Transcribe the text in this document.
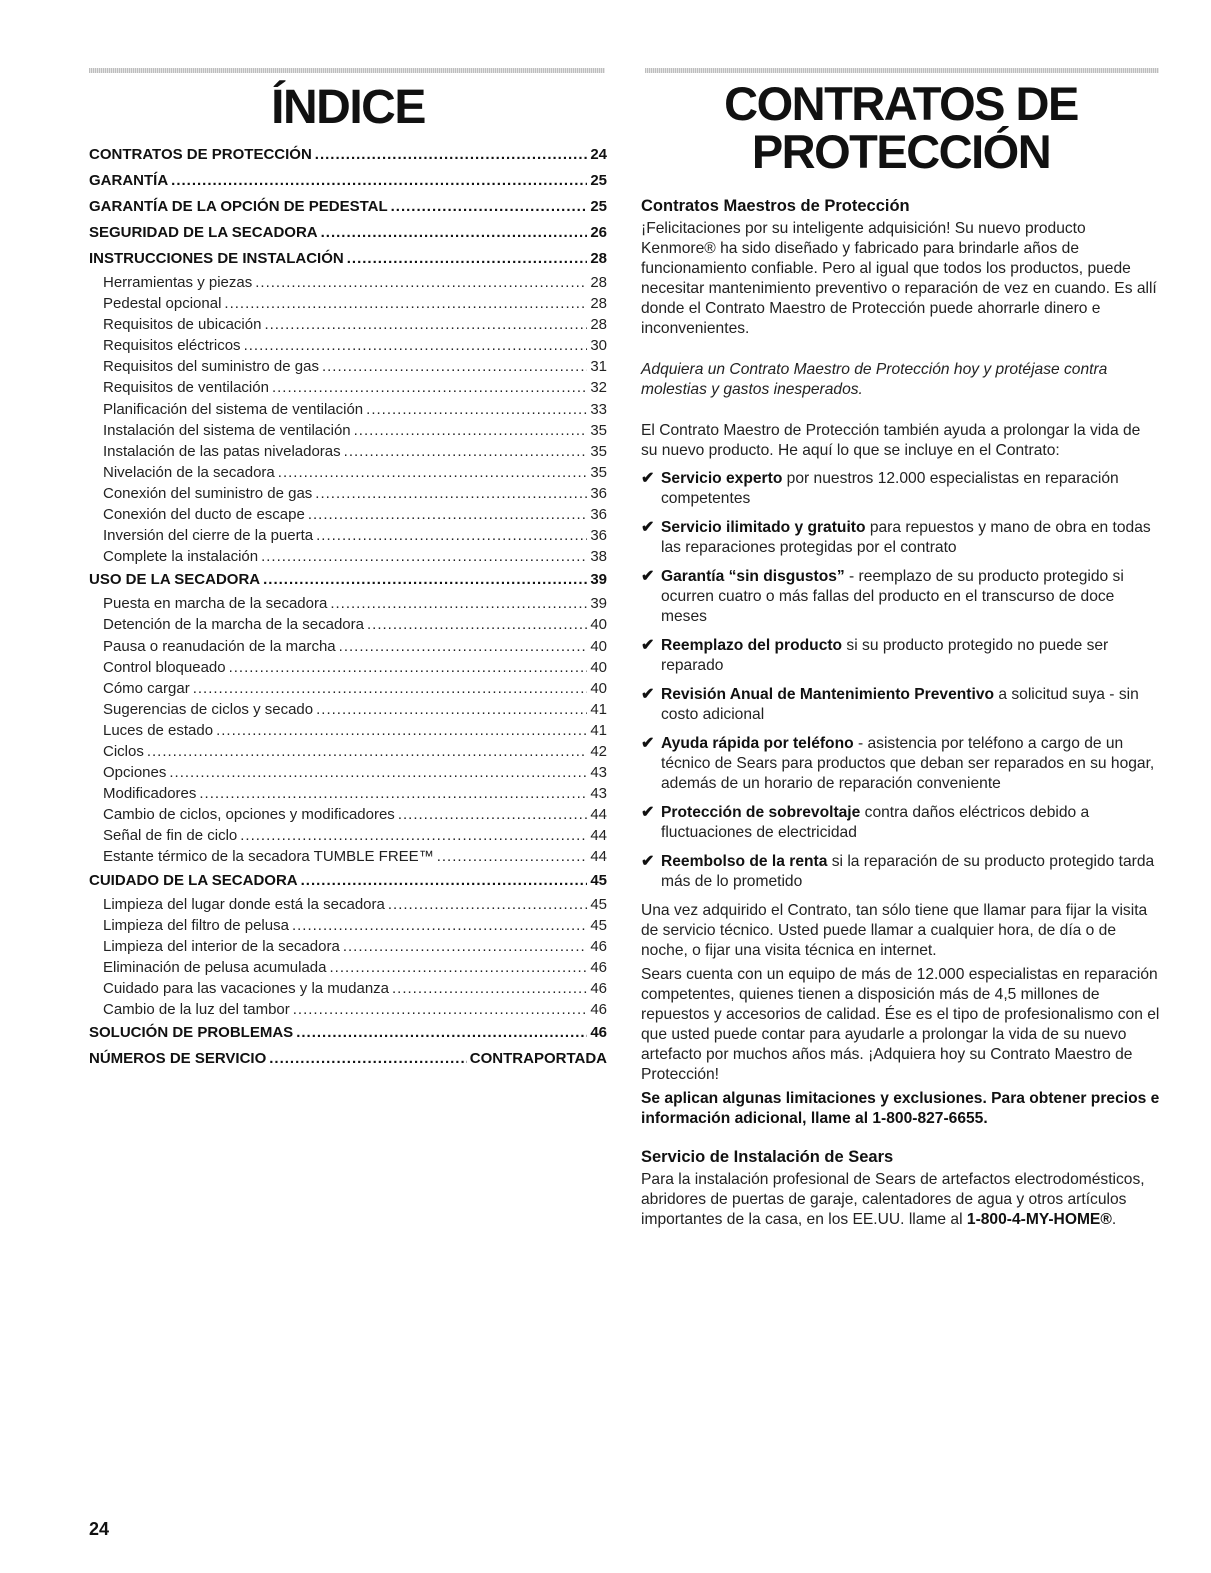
ÍNDICE
CONTRATOS DE PROTECCIÓN .....	24
GARANTÍA .....	25
GARANTÍA DE LA OPCIÓN DE PEDESTAL .....	25
SEGURIDAD DE LA SECADORA .....	26
INSTRUCCIONES DE INSTALACIÓN .....	28
Herramientas y piezas .....	28
Pedestal opcional .....	28
Requisitos de ubicación .....	28
Requisitos eléctricos .....	30
Requisitos del suministro de gas .....	31
Requisitos de ventilación .....	32
Planificación del sistema de ventilación .....	33
Instalación del sistema de ventilación .....	35
Instalación de las patas niveladoras .....	35
Nivelación de la secadora .....	35
Conexión del suministro de gas .....	36
Conexión del ducto de escape .....	36
Inversión del cierre de la puerta .....	36
Complete la instalación .....	38
USO DE LA SECADORA .....	39
Puesta en marcha de la secadora .....	39
Detención de la marcha de la secadora .....	40
Pausa o reanudación de la marcha .....	40
Control bloqueado .....	40
Cómo cargar .....	40
Sugerencias de ciclos y secado .....	41
Luces de estado .....	41
Ciclos .....	42
Opciones .....	43
Modificadores .....	43
Cambio de ciclos, opciones y modificadores .....	44
Señal de fin de ciclo .....	44
Estante térmico de la secadora TUMBLE FREE™ .....	44
CUIDADO DE LA SECADORA .....	45
Limpieza del lugar donde está la secadora .....	45
Limpieza del filtro de pelusa .....	45
Limpieza del interior de la secadora .....	46
Eliminación de pelusa acumulada .....	46
Cuidado para las vacaciones y la mudanza .....	46
Cambio de la luz del tambor .....	46
SOLUCIÓN DE PROBLEMAS .....	46
NÚMEROS DE SERVICIO .....	CONTRAPORTADA
CONTRATOS DE
PROTECCIÓN
Contratos Maestros de Protección

¡Felicitaciones por su inteligente adquisición! Su nuevo producto Kenmore® ha sido diseñado y fabricado para brindarle años de funcionamiento confiable. Pero al igual que todos los productos, puede necesitar mantenimiento preventivo o reparación de vez en cuando. Es allí donde el Contrato Maestro de Protección puede ahorrarle dinero e inconvenientes.

Adquiera un Contrato Maestro de Protección hoy y protéjase contra molestias y gastos inesperados.

El Contrato Maestro de Protección también ayuda a prolongar la vida de su nuevo producto. He aquí lo que se incluye en el Contrato:

✔ Servicio experto por nuestros 12.000 especialistas en reparación competentes
✔ Servicio ilimitado y gratuito para repuestos y mano de obra en todas las reparaciones protegidas por el contrato
✔ Garantía “sin disgustos” - reemplazo de su producto protegido si ocurren cuatro o más fallas del producto en el transcurso de doce meses
✔ Reemplazo del producto si su producto protegido no puede ser reparado
✔ Revisión Anual de Mantenimiento Preventivo a solicitud suya - sin costo adicional
✔ Ayuda rápida por teléfono - asistencia por teléfono a cargo de un técnico de Sears para productos que deban ser reparados en su hogar, además de un horario de reparación conveniente
✔ Protección de sobrevoltaje contra daños eléctricos debido a fluctuaciones de electricidad
✔ Reembolso de la renta si la reparación de su producto protegido tarda más de lo prometido

Una vez adquirido el Contrato, tan sólo tiene que llamar para fijar la visita de servicio técnico. Usted puede llamar a cualquier hora, de día o de noche, o fijar una visita técnica en internet.

Sears cuenta con un equipo de más de 12.000 especialistas en reparación competentes, quienes tienen a disposición más de 4,5 millones de repuestos y accesorios de calidad. Ése es el tipo de profesionalismo con el que usted puede contar para ayudarle a prolongar la vida de su nuevo artefacto por muchos años más. ¡Adquiera hoy su Contrato Maestro de Protección!

Se aplican algunas limitaciones y exclusiones. Para obtener precios e información adicional, llame al 1-800-827-6655.

Servicio de Instalación de Sears

Para la instalación profesional de Sears de artefactos electrodomésticos, abridores de puertas de garaje, calentadores de agua y otros artículos importantes de la casa, en los EE.UU. llame al 1-800-4-MY-HOME®.

24
